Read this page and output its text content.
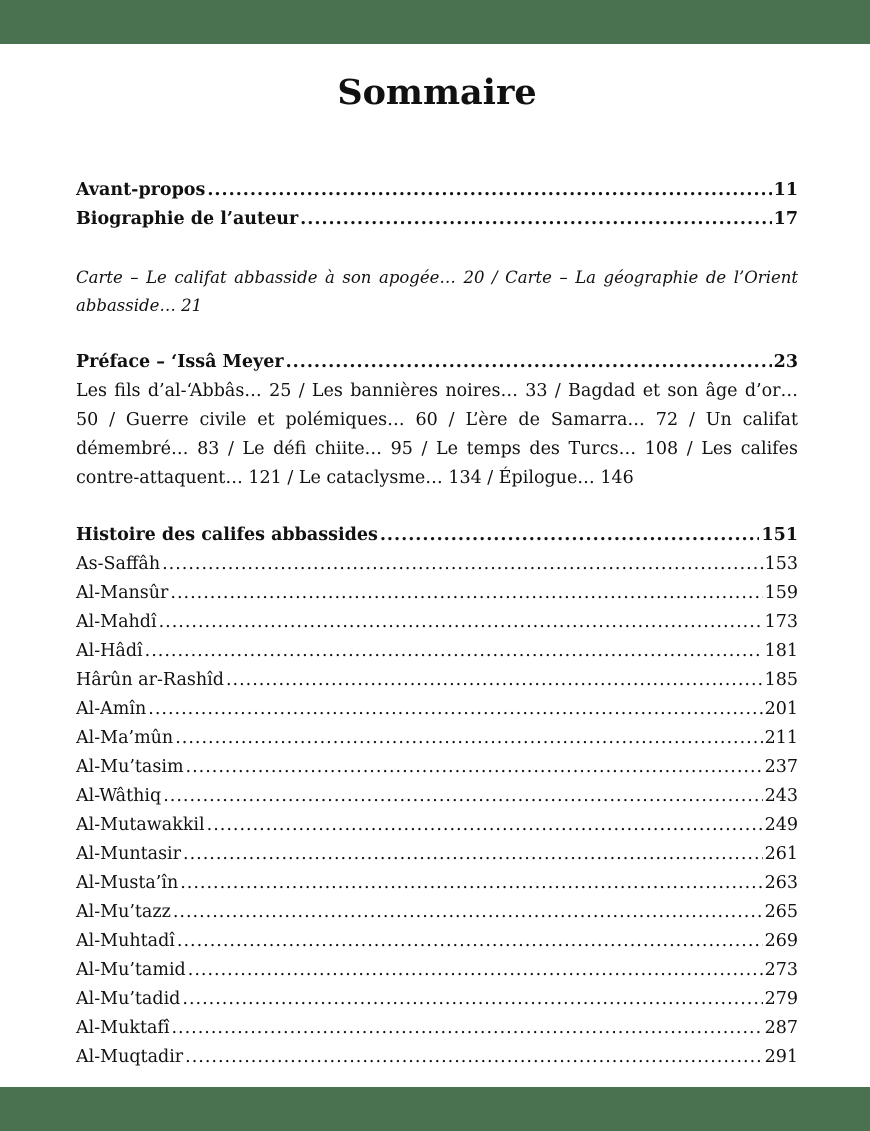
Sommaire
Avant-propos .....	11
Biographie de l’auteur .....	17
Carte – Le califat abbasside à son apogée… 20 / Carte – La géographie de l’Orient abbasside… 21
Préface – ‘Issâ Meyer .....	23
Les fils d’al-‘Abbâs… 25 / Les bannières noires… 33 / Bagdad et son âge d’or… 50 / Guerre civile et polémiques… 60 / L’ère de Samarra… 72 / Un califat démembré… 83 / Le défi chiite… 95 / Le temps des Turcs… 108 / Les califes contre-attaquent… 121 / Le cataclysme… 134 / Épilogue… 146
Histoire des califes abbassides .....	151
As-Saffâh .....	153
Al-Mansûr .....	159
Al-Mahdî .....	173
Al-Hâdî .....	181
Hârûn ar-Rashîd .....	185
Al-Amîn .....	201
Al-Ma’mûn .....	211
Al-Mu’tasim .....	237
Al-Wâthiq .....	243
Al-Mutawakkil .....	249
Al-Muntasir .....	261
Al-Musta’în .....	263
Al-Mu’tazz .....	265
Al-Muhtadî .....	269
Al-Mu’tamid .....	273
Al-Mu’tadid .....	279
Al-Muktafî .....	287
Al-Muqtadir .....	291
